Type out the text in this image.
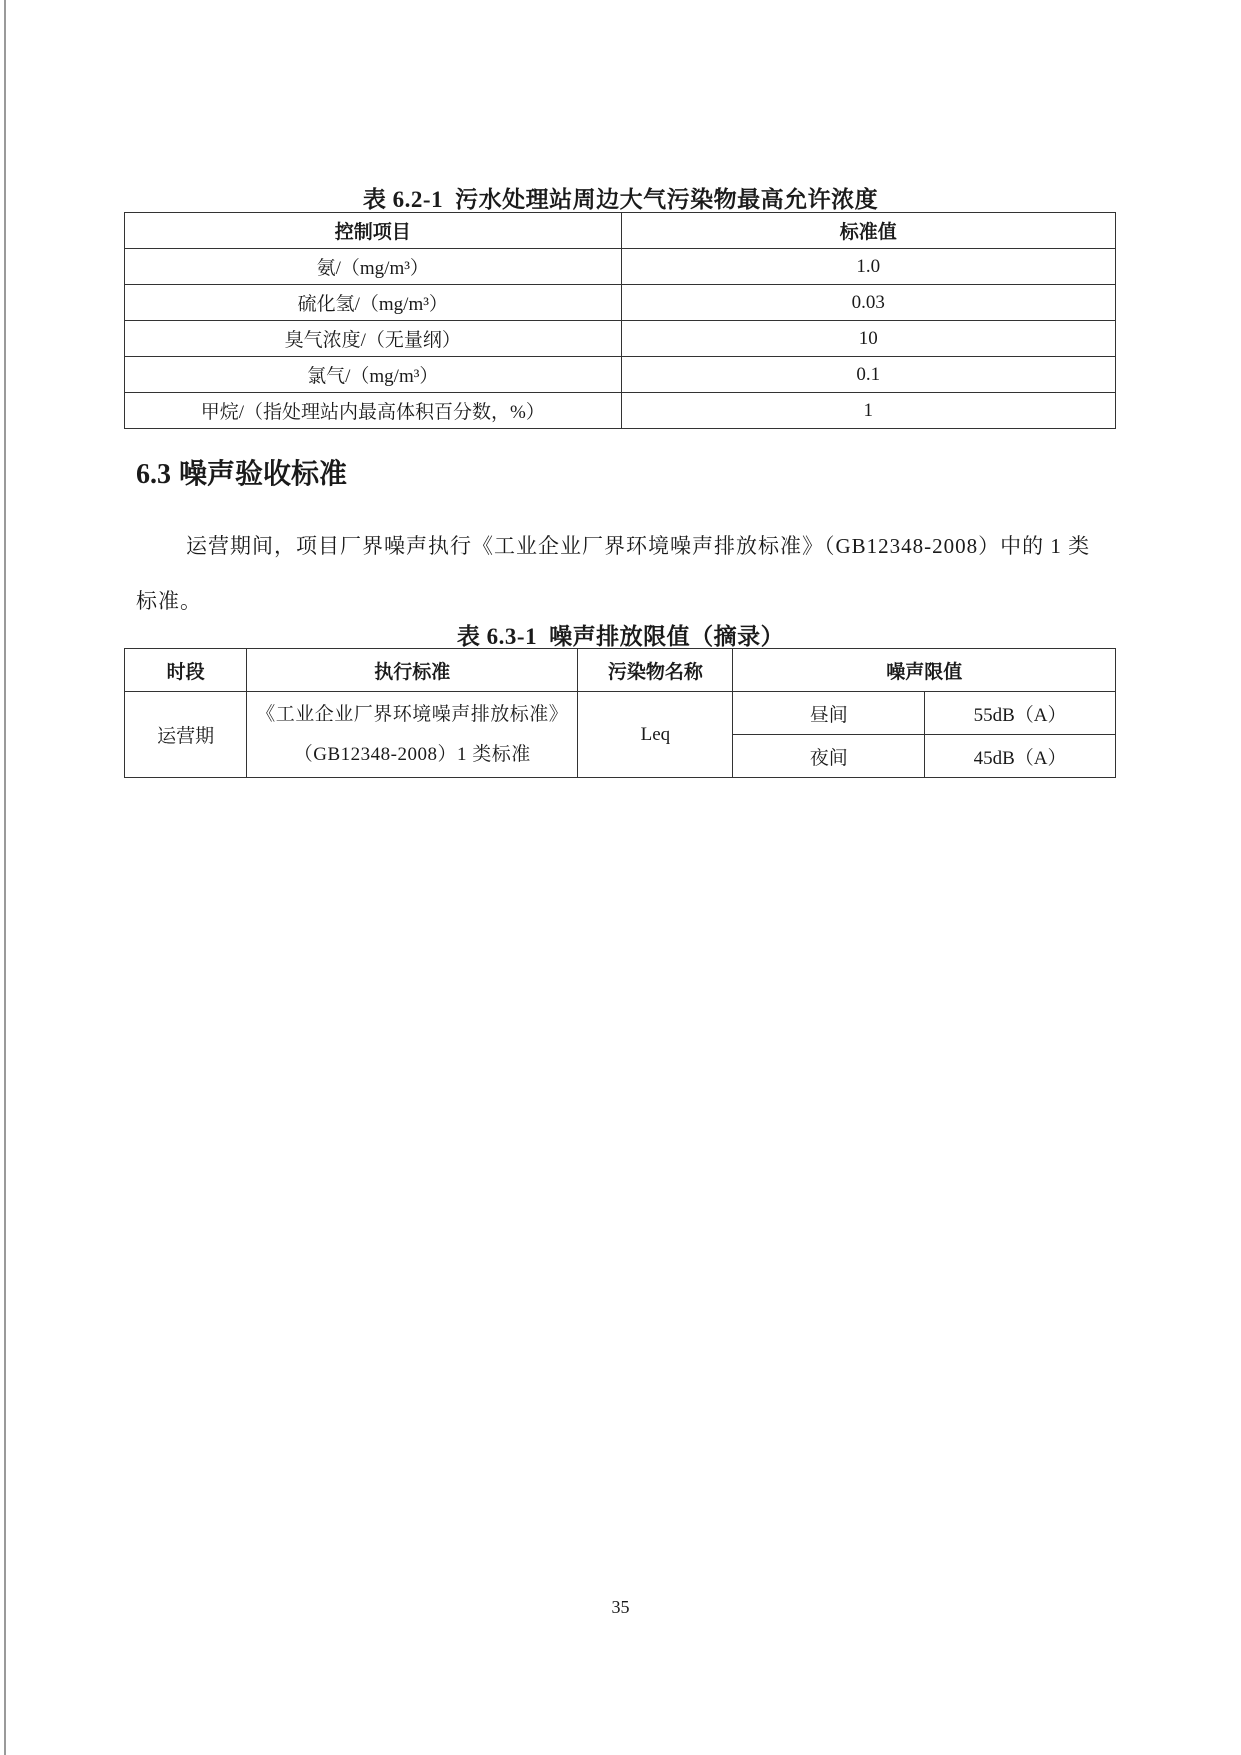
表 6.2-1 污水处理站周边大气污染物最高允许浓度
控制项目	标准值
氨/（mg/m³）	1.0
硫化氢/（mg/m³）	0.03
臭气浓度/（无量纲）	10
氯气/（mg/m³）	0.1
甲烷/（指处理站内最高体积百分数，%）	1
6.3 噪声验收标准

运营期间，项目厂界噪声执行《工业企业厂界环境噪声排放标准》（GB12348-2008）中的 1 类标准。

表 6.3-1 噪声排放限值（摘录）
时段	执行标准	污染物名称	噪声限值	
运营期	《工业企业厂界环境噪声排放标准》（GB12348-2008）1 类标准	Leq	昼间	55dB（A）
			夜间	45dB（A）
35
